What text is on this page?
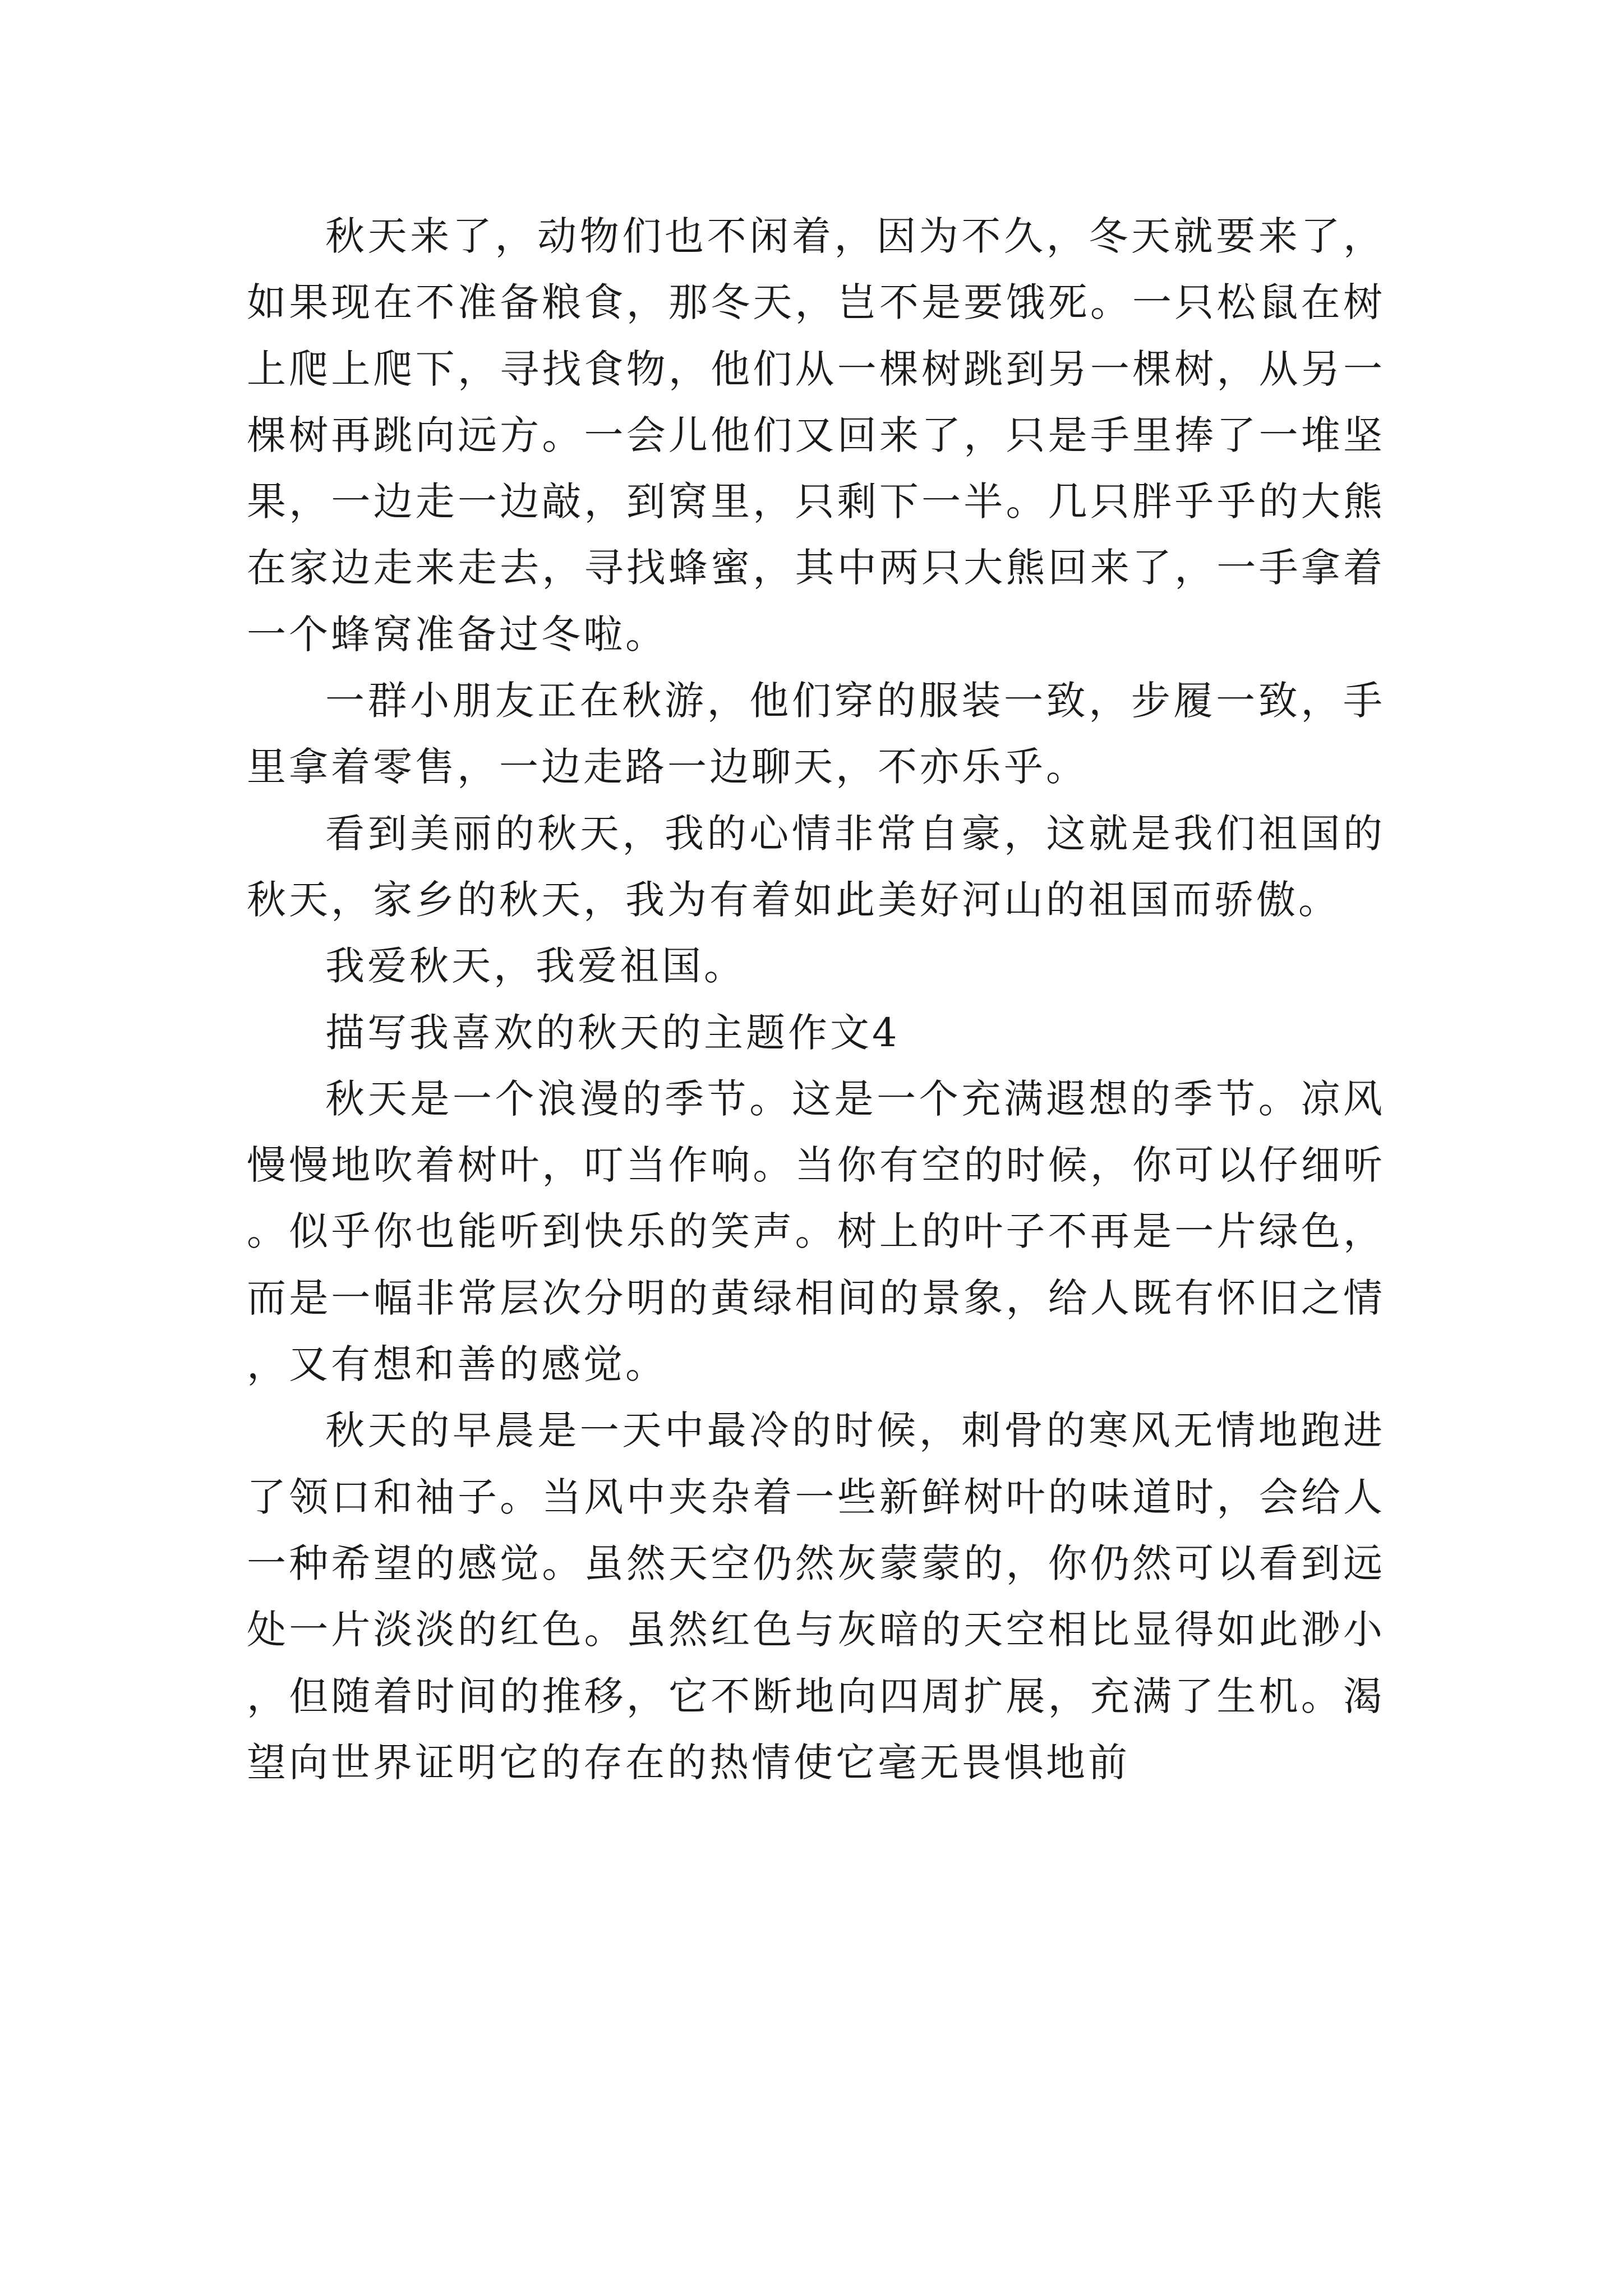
秋天来了，动物们也不闲着，因为不久，冬天就要来了，如果现在不准备粮食，那冬天，岂不是要饿死。一只松鼠在树上爬上爬下，寻找食物，他们从一棵树跳到另一棵树，从另一棵树再跳向远方。一会儿他们又回来了，只是手里捧了一堆坚果，一边走一边敲，到窝里，只剩下一半。几只胖乎乎的大熊在家边走来走去，寻找蜂蜜，其中两只大熊回来了，一手拿着一个蜂窝准备过冬啦。

一群小朋友正在秋游，他们穿的服装一致，步履一致，手里拿着零售，一边走路一边聊天，不亦乐乎。

看到美丽的秋天，我的心情非常自豪，这就是我们祖国的秋天，家乡的秋天，我为有着如此美好河山的祖国而骄傲。

我爱秋天，我爱祖国。

描写我喜欢的秋天的主题作文4

秋天是一个浪漫的季节。这是一个充满遐想的季节。凉风慢慢地吹着树叶，叮当作响。当你有空的时候，你可以仔细听。似乎你也能听到快乐的笑声。树上的叶子不再是一片绿色，而是一幅非常层次分明的黄绿相间的景象，给人既有怀旧之情，又有想和善的感觉。

秋天的早晨是一天中最冷的时候，刺骨的寒风无情地跑进了领口和袖子。当风中夹杂着一些新鲜树叶的味道时，会给人一种希望的感觉。虽然天空仍然灰蒙蒙的，你仍然可以看到远处一片淡淡的红色。虽然红色与灰暗的天空相比显得如此渺小，但随着时间的推移，它不断地向四周扩展，充满了生机。渴望向世界证明它的存在的热情使它毫无畏惧地前
